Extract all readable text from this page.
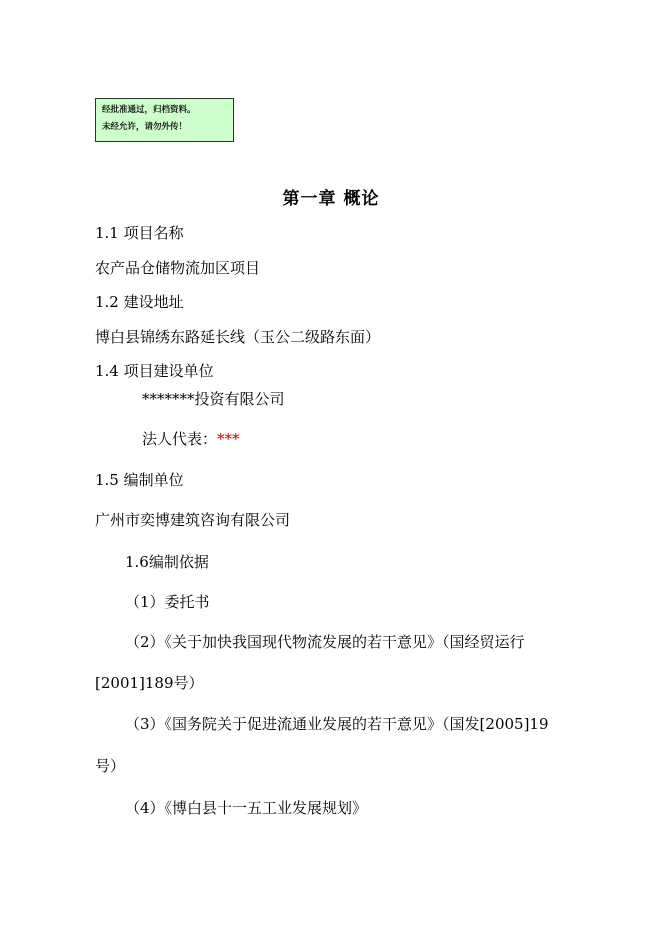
经批准通过，归档资料。
未经允许，请勿外传！
第一章 概论
1.1 项目名称
农产品仓储物流加区项目
1.2 建设地址
博白县锦绣东路延长线（玉公二级路东面）
1.4 项目建设单位
*******投资有限公司
法人代表：***
1.5 编制单位
广州市奕博建筑咨询有限公司
1.6编制依据
（1）委托书
（2）《关于加快我国现代物流发展的若干意见》（国经贸运行
[2001]189号）
（3）《国务院关于促进流通业发展的若干意见》（国发[2005]19
号）
（4）《博白县十一五工业发展规划》
